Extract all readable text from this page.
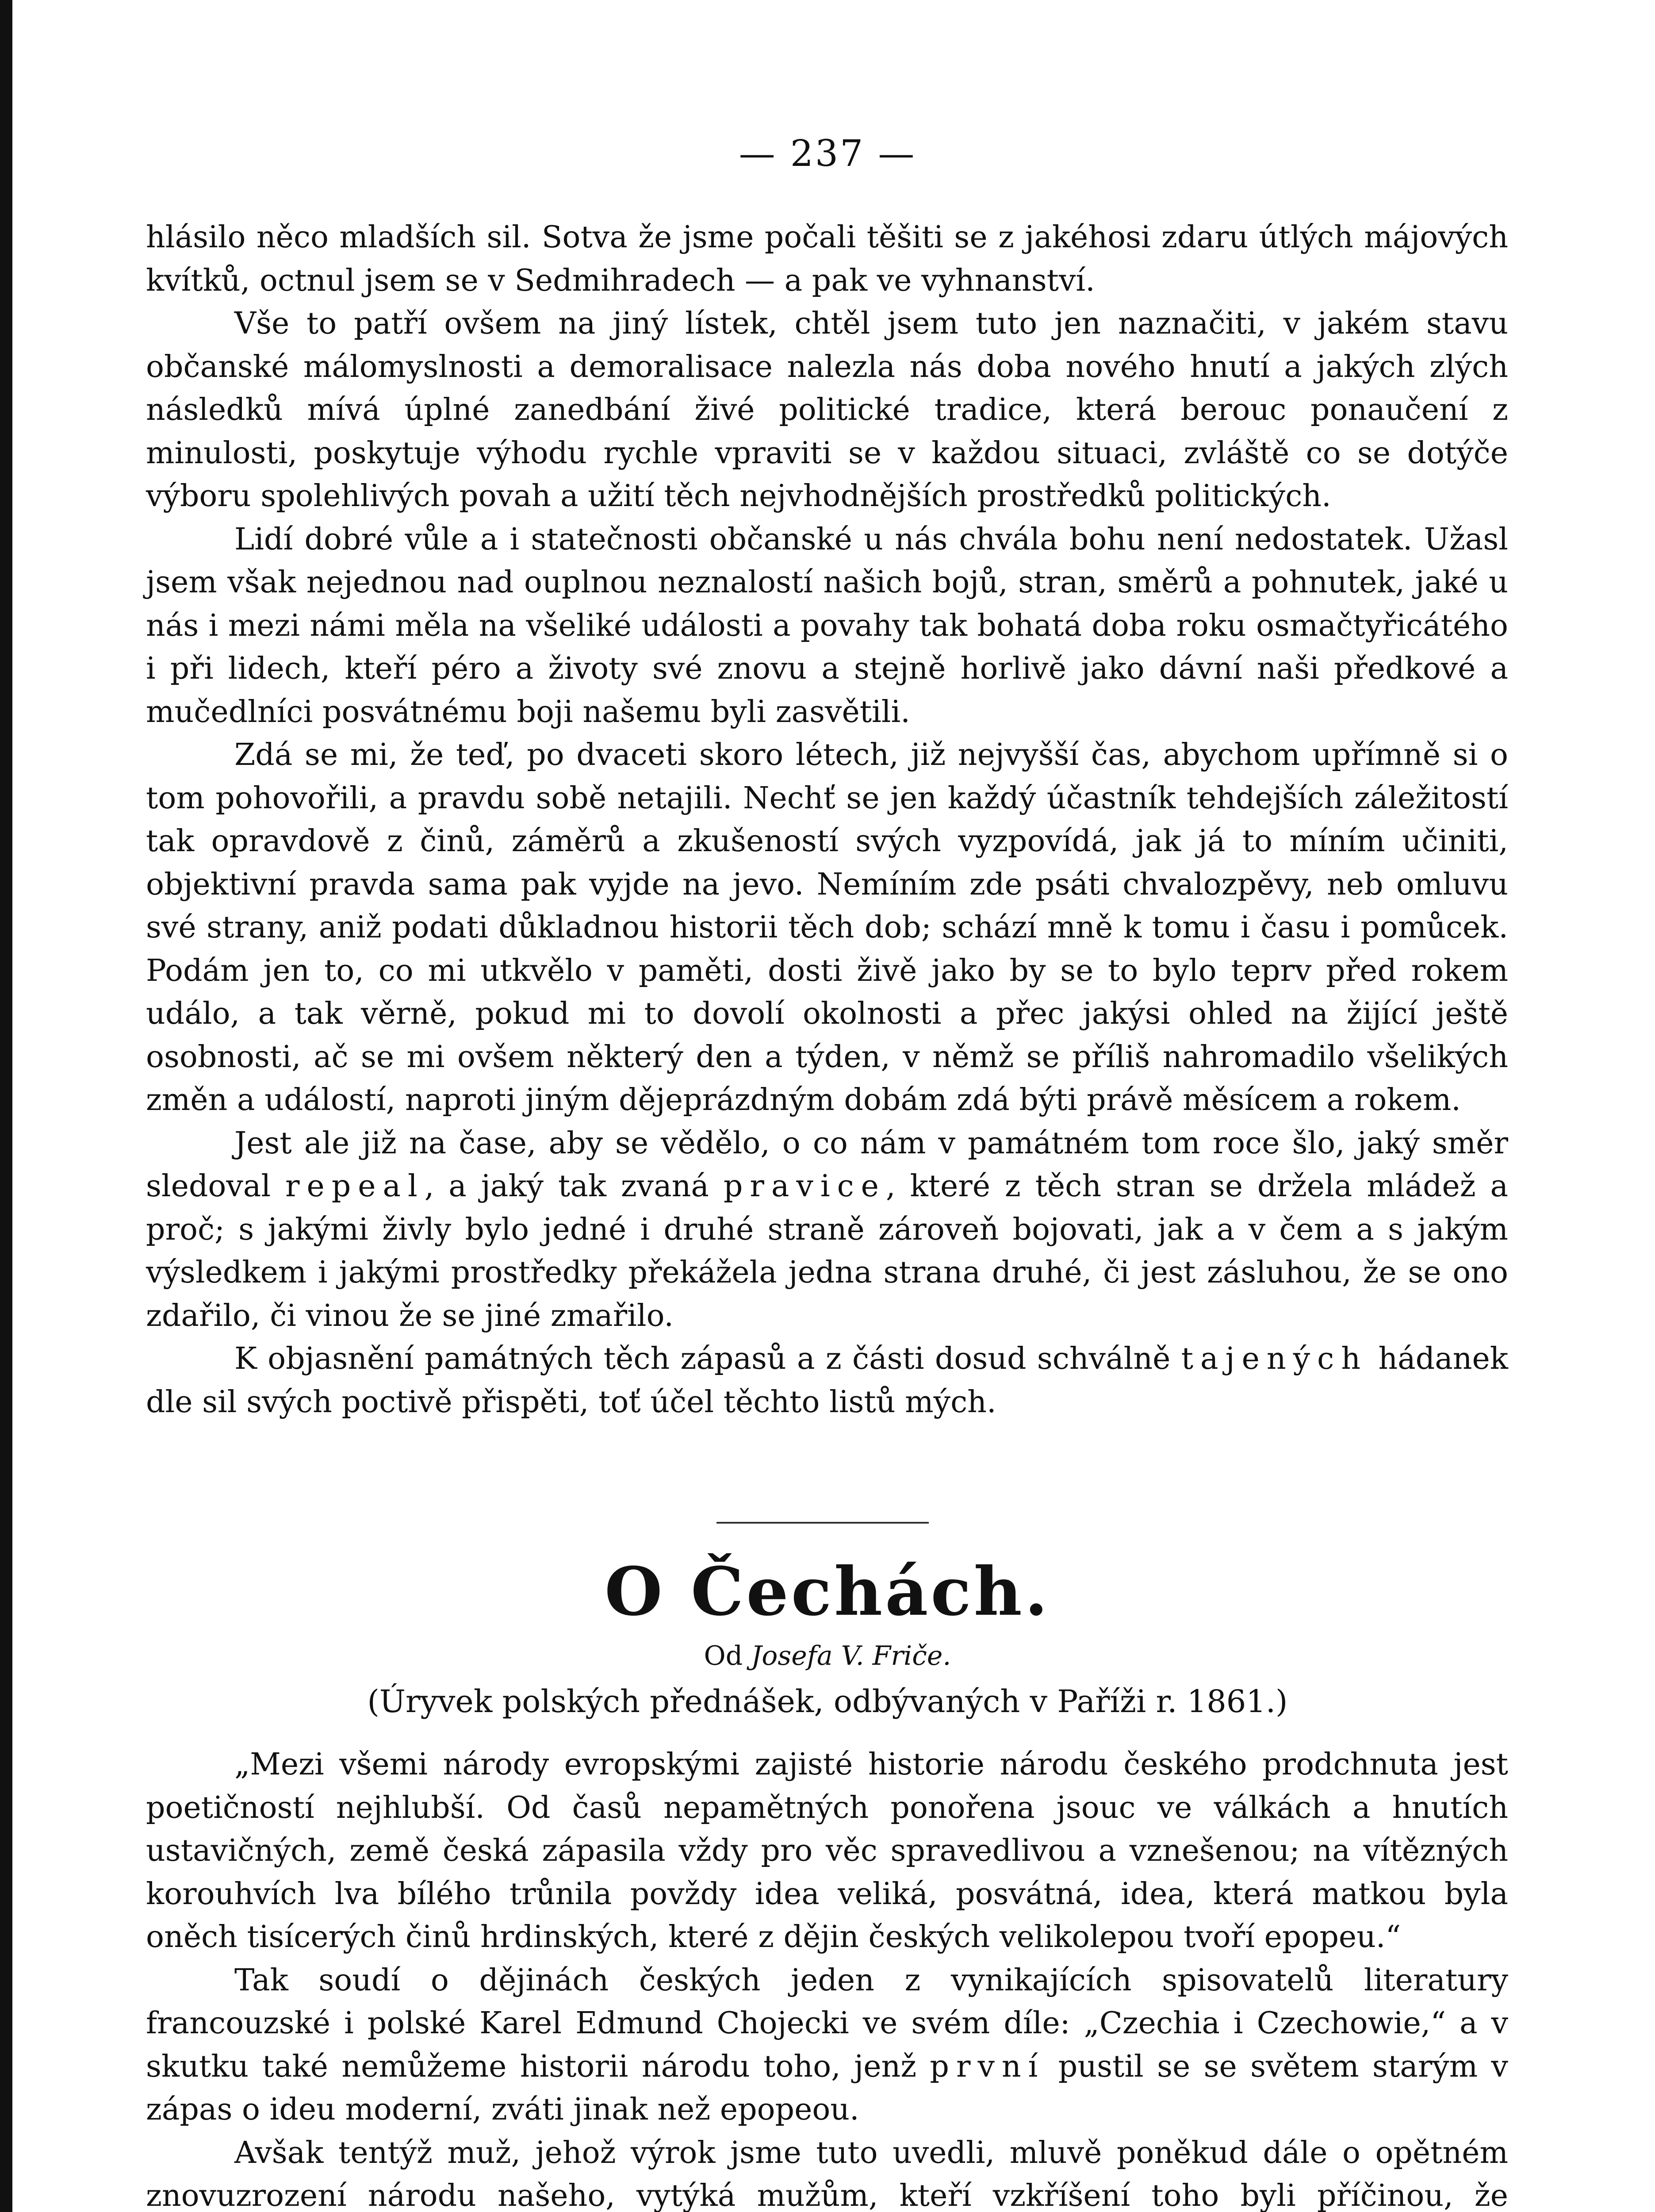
— 237 —

hlásilo něco mladších sil. Sotva že jsme počali těšiti se z jakéhosi zdaru útlých májových kvítků, octnul jsem se v Sedmihradech — a pak ve vyhnanství.

Vše to patří ovšem na jiný lístek, chtěl jsem tuto jen naznačiti, v jakém stavu občanské málomyslnosti a demoralisace nalezla nás doba nového hnutí a jakých zlých následků mívá úplné zanedbání živé politické tradice, která berouc ponaučení z minulosti, poskytuje výhodu rychle vpraviti se v každou situaci, zvláště co se dotýče výboru spolehlivých povah a užití těch nejvhodnějších prostředků politických.

Lidí dobré vůle a i statečnosti občanské u nás chvála bohu není nedostatek. Užasl jsem však nejednou nad ouplnou neznalostí našich bojů, stran, směrů a pohnutek, jaké u nás i mezi námi měla na všeliké události a povahy tak bohatá doba roku osmačtyřicátého i při lidech, kteří péro a životy své znovu a stejně horlivě jako dávní naši předkové a mučedlníci posvátnému boji našemu byli zasvětili.

Zdá se mi, že teď, po dvaceti skoro létech, již nejvyšší čas, abychom upřímně si o tom pohovořili, a pravdu sobě netajili. Nechť se jen každý účastník tehdejších záležitostí tak opravdově z činů, záměrů a zkušeností svých vyzpovídá, jak já to míním učiniti, objektivní pravda sama pak vyjde na jevo. Nemíním zde psáti chvalozpěvy, neb omluvu své strany, aniž podati důkladnou historii těch dob; schází mně k tomu i času i pomůcek. Podám jen to, co mi utkvělo v paměti, dosti živě jako by se to bylo teprv před rokem událo, a tak věrně, pokud mi to dovolí okolnosti a přec jakýsi ohled na žijící ještě osobnosti, ač se mi ovšem některý den a týden, v němž se příliš nahromadilo všelikých změn a událostí, naproti jiným dějeprázdným dobám zdá býti právě měsícem a rokem.

Jest ale již na čase, aby se vědělo, o co nám v památném tom roce šlo, jaký směr sledoval repeal, a jaký tak zvaná pravice, které z těch stran se držela mládež a proč; s jakými živly bylo jedné i druhé straně zároveň bojovati, jak a v čem a s jakým výsledkem i jakými prostředky překážela jedna strana druhé, či jest zásluhou, že se ono zdařilo, či vinou že se jiné zmařilo.

K objasnění památných těch zápasů a z části dosud schválně tajených hádanek dle sil svých poctivě přispěti, toť účel těchto listů mých.

O Čechách.
Od Josefa V. Friče.
(Úryvek polských přednášek, odbývaných v Paříži r. 1861.)

„Mezi všemi národy evropskými zajisté historie národu českého prodchnuta jest poetičností nejhlubší. Od časů nepamětných ponořena jsouc ve válkách a hnutích ustavičných, země česká zápasila vždy pro věc spravedlivou a vznešenou; na vítězných korouhvích lva bílého trůnila povždy idea veliká, posvátná, idea, která matkou byla oněch tisícerých činů hrdinských, které z dějin českých velikolepou tvoří epopeu.“

Tak soudí o dějinách českých jeden z vynikajících spisovatelů literatury francouzské i polské Karel Edmund Chojecki ve svém díle: „Czechia i Czechowie,“ a v skutku také nemůžeme historii národu toho, jenž první pustil se se světem starým v zápas o ideu moderní, zváti jinak než epopeou.

Avšak tentýž muž, jehož výrok jsme tuto uvedli, mluvě poněkud dále o opětném znovuzrození národu našeho, vytýká mužům, kteří vzkříšení toho byli příčinou, že
